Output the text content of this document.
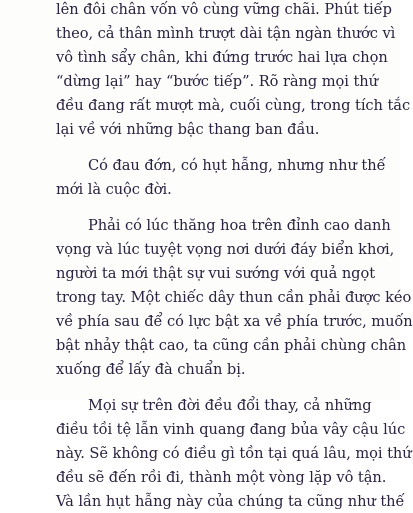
lên đôi chân vốn vô cùng vững chãi. Phút tiếp
theo, cả thân mình trượt dài tận ngàn thước vì
vô tình sẩy chân, khi đứng trước hai lựa chọn
“dừng lại” hay “bước tiếp”. Rõ ràng mọi thứ
đều đang rất mượt mà, cuối cùng, trong tích tắc
lại về với những bậc thang ban đầu.
Có đau đớn, có hụt hẫng, nhưng như thế
mới là cuộc đời.
Phải có lúc thăng hoa trên đỉnh cao danh
vọng và lúc tuyệt vọng nơi dưới đáy biển khơi,
người ta mới thật sự vui sướng với quả ngọt
trong tay. Một chiếc dây thun cần phải được kéo
về phía sau để có lực bật xa về phía trước, muốn
bật nhảy thật cao, ta cũng cần phải chùng chân
xuống để lấy đà chuẩn bị.
Mọi sự trên đời đều đổi thay, cả những
điều tồi tệ lẫn vinh quang đang bủa vây cậu lúc
này. Sẽ không có điều gì tồn tại quá lâu, mọi thứ
đều sẽ đến rồi đi, thành một vòng lặp vô tận.
Và lần hụt hẫng này của chúng ta cũng như thế
